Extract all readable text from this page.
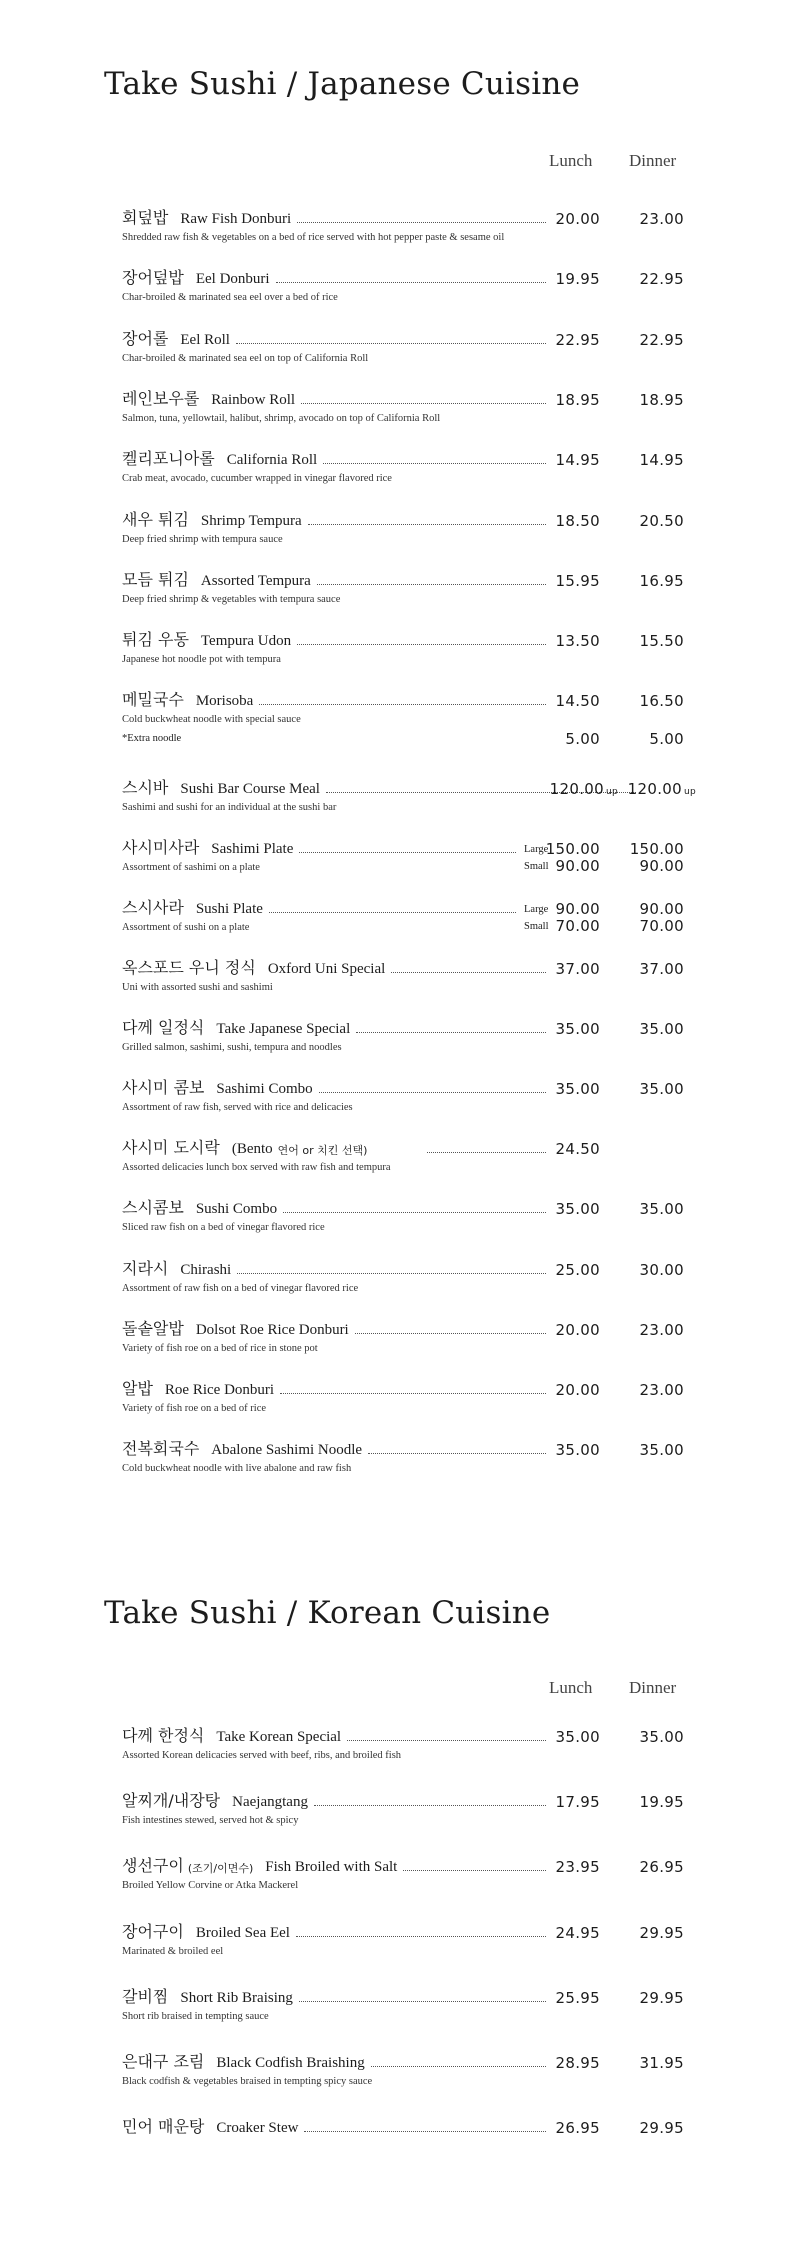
Take Sushi / Japanese Cuisine
Lunch Dinner
회덮밥 Raw Fish Donburi
Shredded raw fish & vegetables on a bed of rice served with hot pepper paste & sesame oil
20.00	23.00
장어덮밥 Eel Donburi
Char-broiled & marinated sea eel over a bed of rice
19.95	22.95
장어롤 Eel Roll
Char-broiled & marinated sea eel on top of California Roll
22.95	22.95
레인보우롤 Rainbow Roll
Salmon, tuna, yellowtail, halibut, shrimp, avocado on top of California Roll
18.95	18.95
켈리포니아롤 California Roll
Crab meat, avocado, cucumber wrapped in vinegar flavored rice
14.95	14.95
새우 튀김 Shrimp Tempura
Deep fried shrimp with tempura sauce
18.50	20.50
모듬 튀김 Assorted Tempura
Deep fried shrimp & vegetables with tempura sauce
15.95	16.95
튀김 우동 Tempura Udon
Japanese hot noodle pot with tempura
13.50	15.50
메밀국수 Morisoba
Cold buckwheat noodle with special sauce
14.50	16.50
*Extra noodle	5.00	5.00
스시바 Sushi Bar Course Meal
Sashimi and sushi for an individual at the sushi bar
120.00 up 120.00 up
사시미사라 Sashimi Plate
Assortment of sashimi on a plate
Large
Small
150.00	150.00
90.00	90.00
스시사라 Sushi Plate
Assortment of sushi on a plate
Large
Small
90.00	90.00
70.00	70.00
옥스포드 우니 정식 Oxford Uni Special
Uni with assorted sushi and sashimi
37.00	37.00
다께 일정식 Take Japanese Special
Grilled salmon, sashimi, sushi, tempura and noodles
35.00	35.00
사시미 콤보 Sashimi Combo
Assortment of raw fish, served with rice and delicacies
35.00	35.00
사시미 도시락 (Bento 연어 or 치킨 선택)
Assorted delicacies lunch box served with raw fish and tempura
24.50
스시콤보 Sushi Combo
Sliced raw fish on a bed of vinegar flavored rice
35.00	35.00
지라시 Chirashi
Assortment of raw fish on a bed of vinegar flavored rice
25.00	30.00
돌솥알밥 Dolsot Roe Rice Donburi
Variety of fish roe on a bed of rice in stone pot
20.00	23.00
알밥 Roe Rice Donburi
Variety of fish roe on a bed of rice
20.00	23.00
전복회국수 Abalone Sashimi Noodle
Cold buckwheat noodle with live abalone and raw fish
35.00	35.00
Take Sushi / Korean Cuisine
Lunch Dinner
다께 한정식 Take Korean Special
Assorted Korean delicacies served with beef, ribs, and broiled fish
35.00	35.00
알찌개/내장탕 Naejangtang
Fish intestines stewed, served hot & spicy
17.95	19.95
생선구이 (조기/이면수) Fish Broiled with Salt
Broiled Yellow Corvine or Atka Mackerel
23.95	26.95
장어구이 Broiled Sea Eel
Marinated & broiled eel
24.95	29.95
갈비찜 Short Rib Braising
Short rib braised in tempting sauce
25.95	29.95
은대구 조림 Black Codfish Braishing
Black codfish & vegetables braised in tempting spicy sauce
28.95	31.95
민어 매운탕 Croaker Stew	26.95	29.95
